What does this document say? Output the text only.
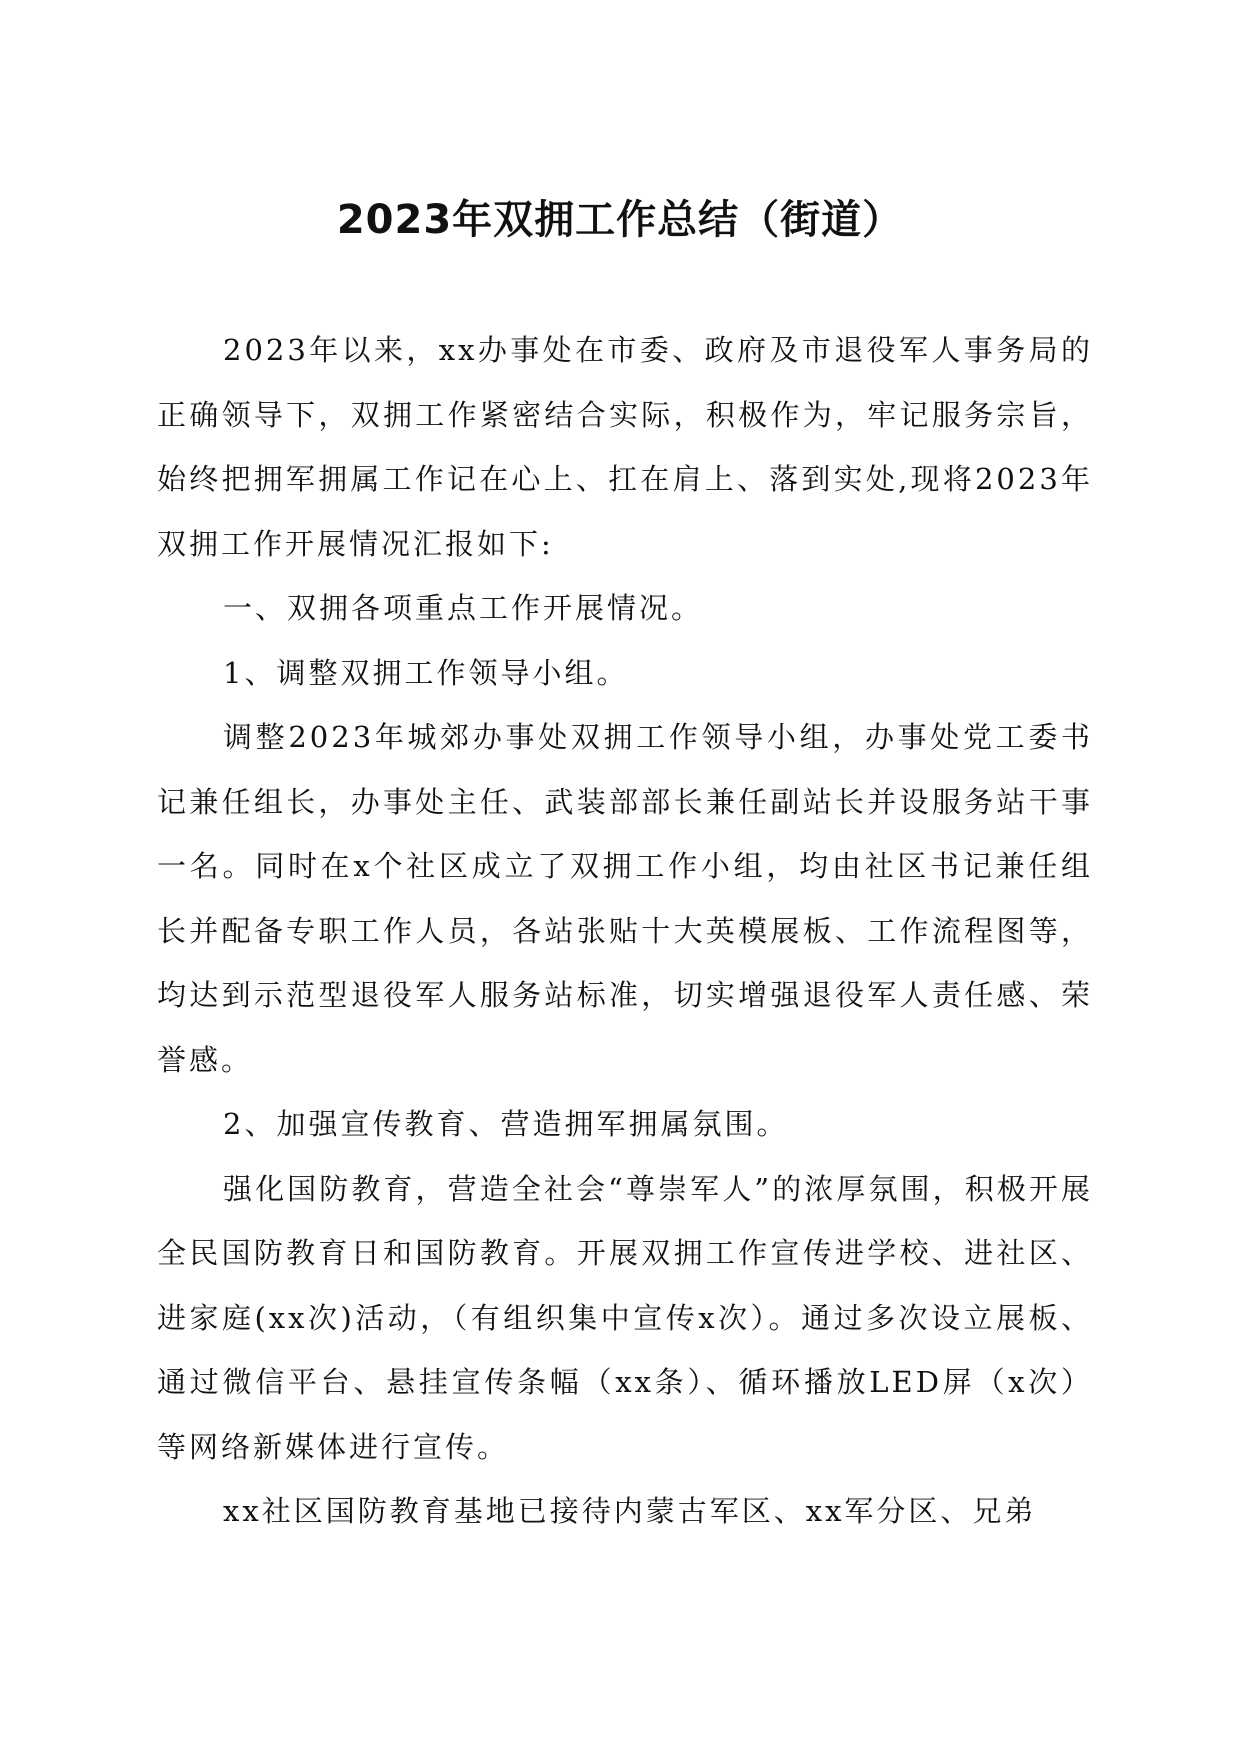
2023年双拥工作总结（街道）

2023年以来，xx办事处在市委、政府及市退役军人事务局的正确领导下，双拥工作紧密结合实际，积极作为，牢记服务宗旨，始终把拥军拥属工作记在心上、扛在肩上、落到实处,现将2023年双拥工作开展情况汇报如下:

一、双拥各项重点工作开展情况。

1、调整双拥工作领导小组。

调整2023年城郊办事处双拥工作领导小组，办事处党工委书记兼任组长，办事处主任、武装部部长兼任副站长并设服务站干事一名。同时在x个社区成立了双拥工作小组，均由社区书记兼任组长并配备专职工作人员，各站张贴十大英模展板、工作流程图等，均达到示范型退役军人服务站标准，切实增强退役军人责任感、荣誉感。

2、加强宣传教育、营造拥军拥属氛围。

强化国防教育，营造全社会“尊崇军人”的浓厚氛围，积极开展全民国防教育日和国防教育。开展双拥工作宣传进学校、进社区、进家庭(xx次)活动，（有组织集中宣传x次）。通过多次设立展板、通过微信平台、悬挂宣传条幅（xx条）、循环播放LED屏（x次）等网络新媒体进行宣传。

xx社区国防教育基地已接待内蒙古军区、xx军分区、兄弟
